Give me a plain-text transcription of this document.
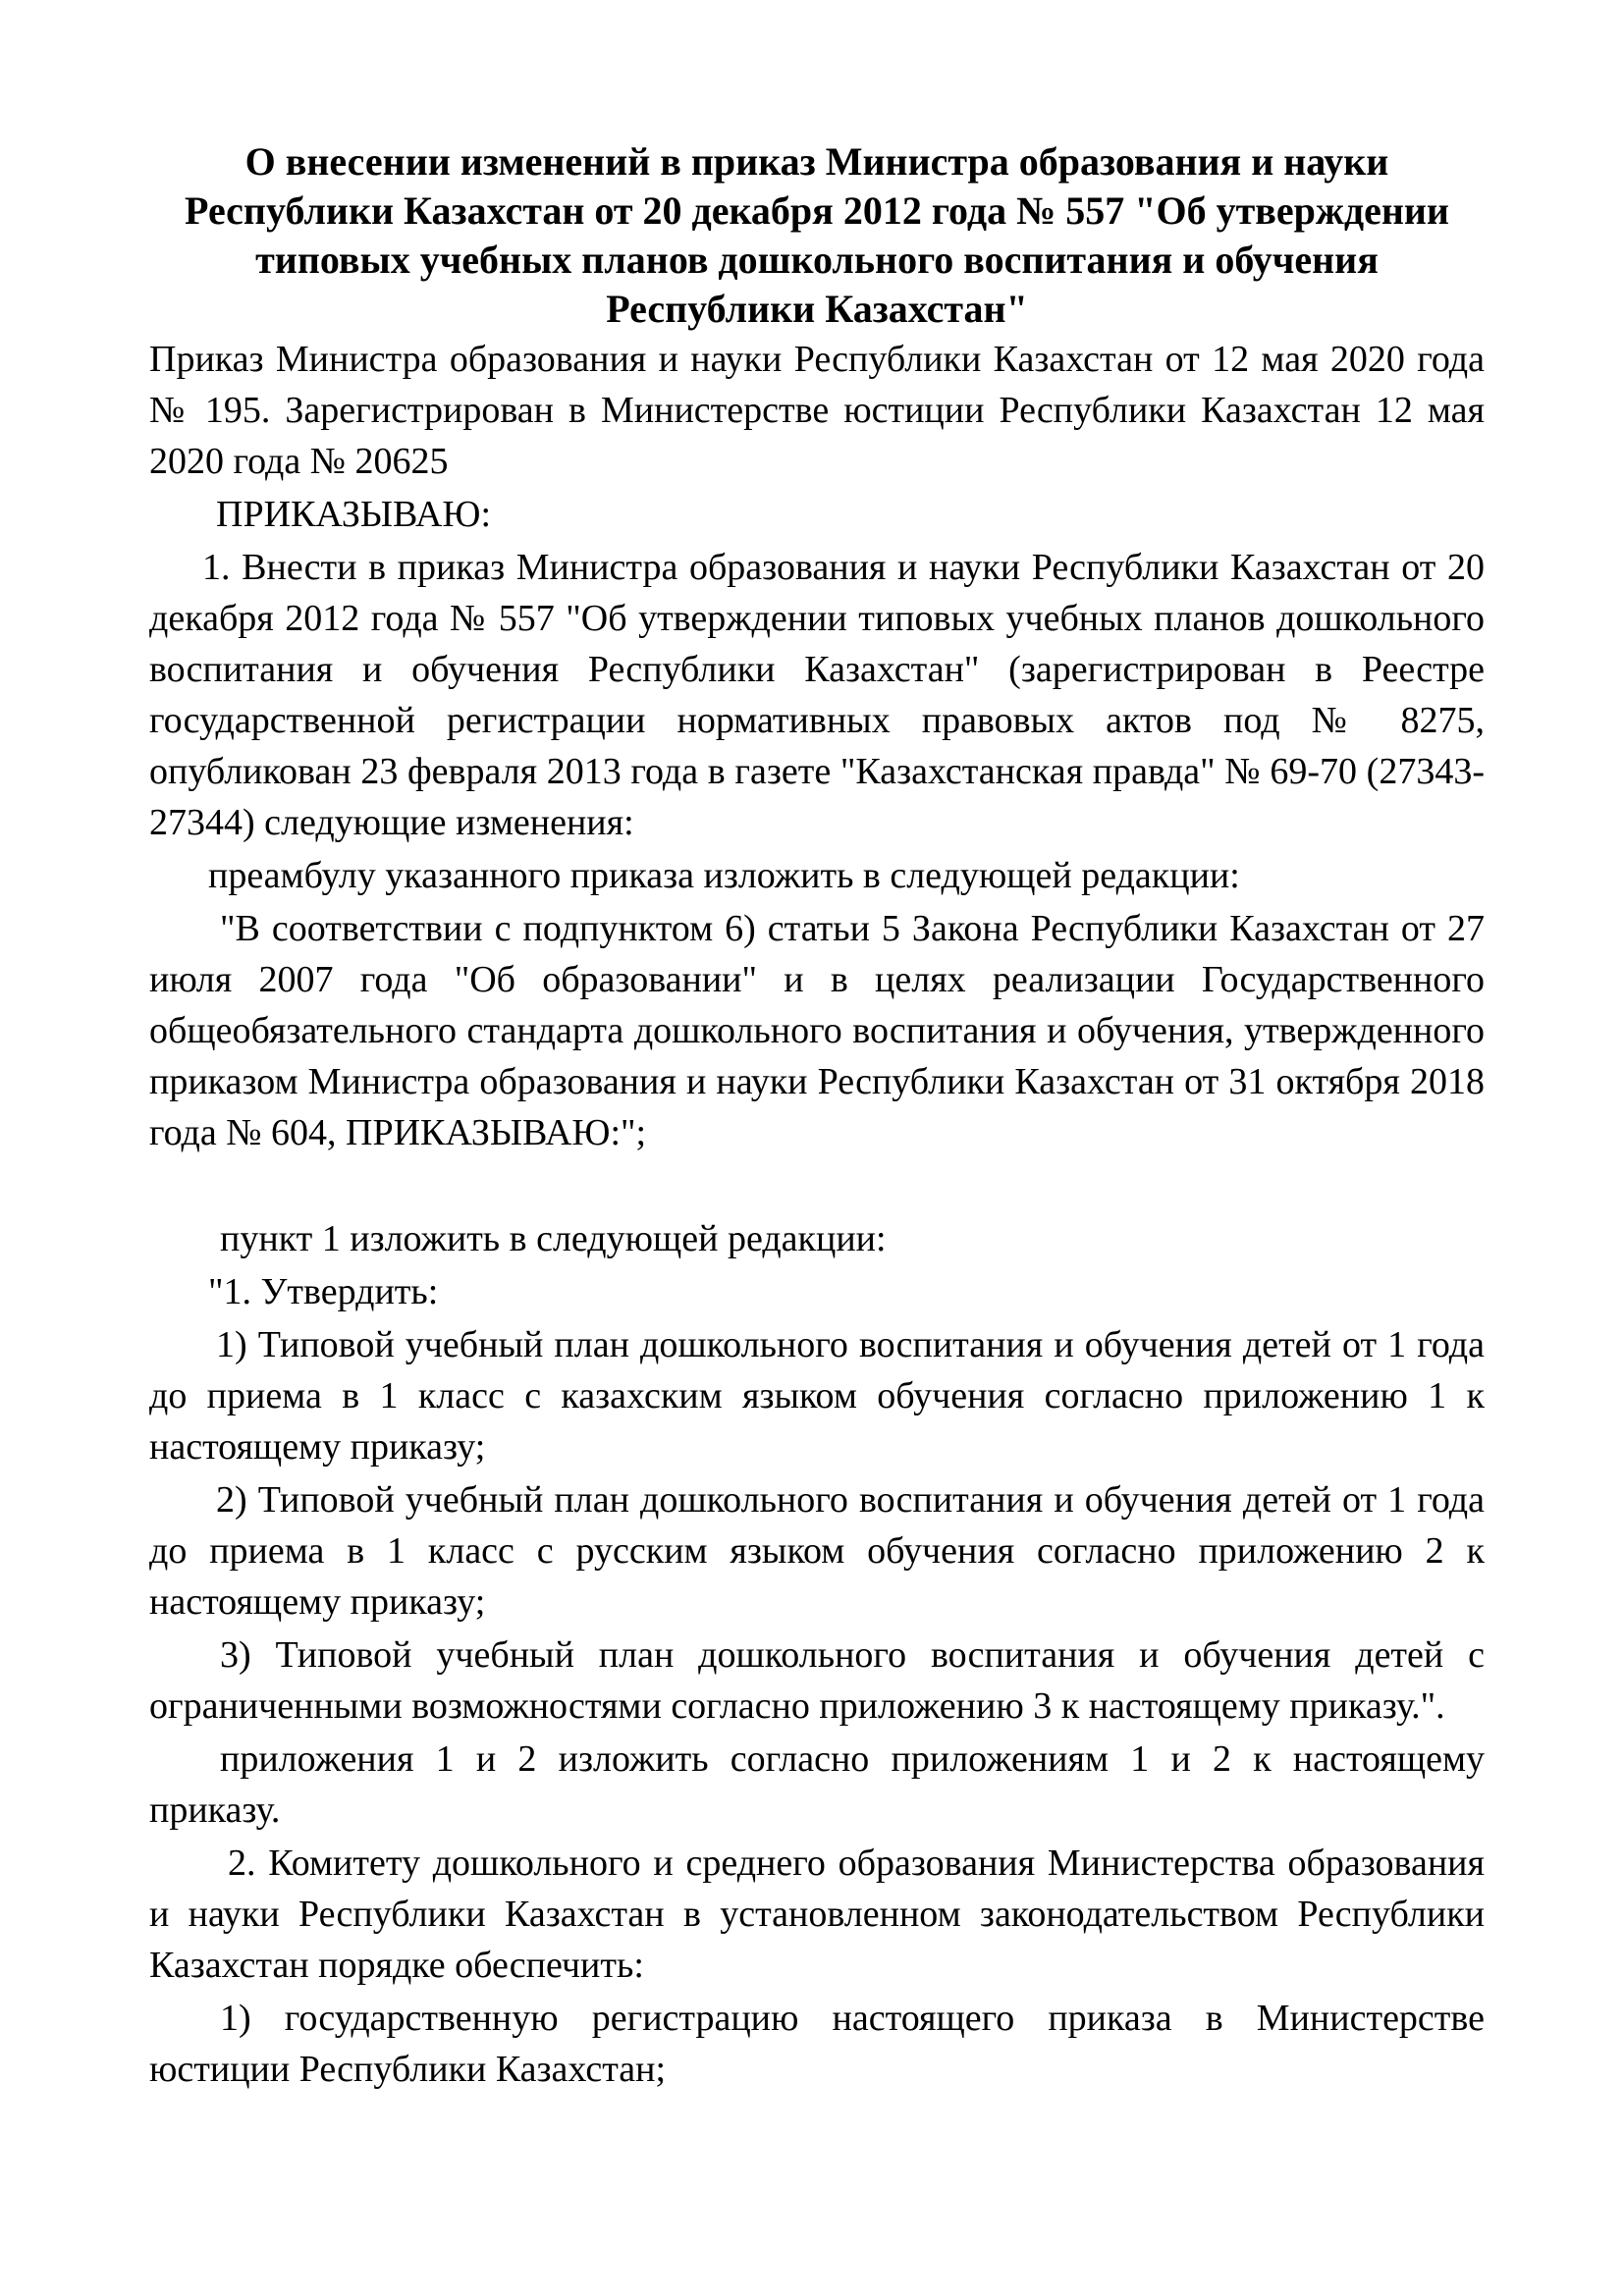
О внесении изменений в приказ Министра образования и науки Республики Казахстан от 20 декабря 2012 года № 557 "Об утверждении типовых учебных планов дошкольного воспитания и обучения Республики Казахстан"
Приказ Министра образования и науки Республики Казахстан от 12 мая 2020 года № 195. Зарегистрирован в Министерстве юстиции Республики Казахстан 12 мая 2020 года № 20625
ПРИКАЗЫВАЮ:
1. Внести в приказ Министра образования и науки Республики Казахстан от 20 декабря 2012 года № 557 "Об утверждении типовых учебных планов дошкольного воспитания и обучения Республики Казахстан" (зарегистрирован в Реестре государственной регистрации нормативных правовых актов под № 8275, опубликован 23 февраля 2013 года в газете "Казахстанская правда" № 69-70 (27343-27344) следующие изменения:
преамбулу указанного приказа изложить в следующей редакции:
"В соответствии с подпунктом 6) статьи 5 Закона Республики Казахстан от 27 июля 2007 года "Об образовании" и в целях реализации Государственного общеобязательного стандарта дошкольного воспитания и обучения, утвержденного приказом Министра образования и науки Республики Казахстан от 31 октября 2018 года № 604, ПРИКАЗЫВАЮ:";
пункт 1 изложить в следующей редакции:
"1. Утвердить:
1) Типовой учебный план дошкольного воспитания и обучения детей от 1 года до приема в 1 класс с казахским языком обучения согласно приложению 1 к настоящему приказу;
2) Типовой учебный план дошкольного воспитания и обучения детей от 1 года до приема в 1 класс с русским языком обучения согласно приложению 2 к настоящему приказу;
3) Типовой учебный план дошкольного воспитания и обучения детей с ограниченными возможностями согласно приложению 3 к настоящему приказу.".
приложения 1 и 2 изложить согласно приложениям 1 и 2 к настоящему приказу.
2. Комитету дошкольного и среднего образования Министерства образования и науки Республики Казахстан в установленном законодательством Республики Казахстан порядке обеспечить:
1) государственную регистрацию настоящего приказа в Министерстве юстиции Республики Казахстан;
